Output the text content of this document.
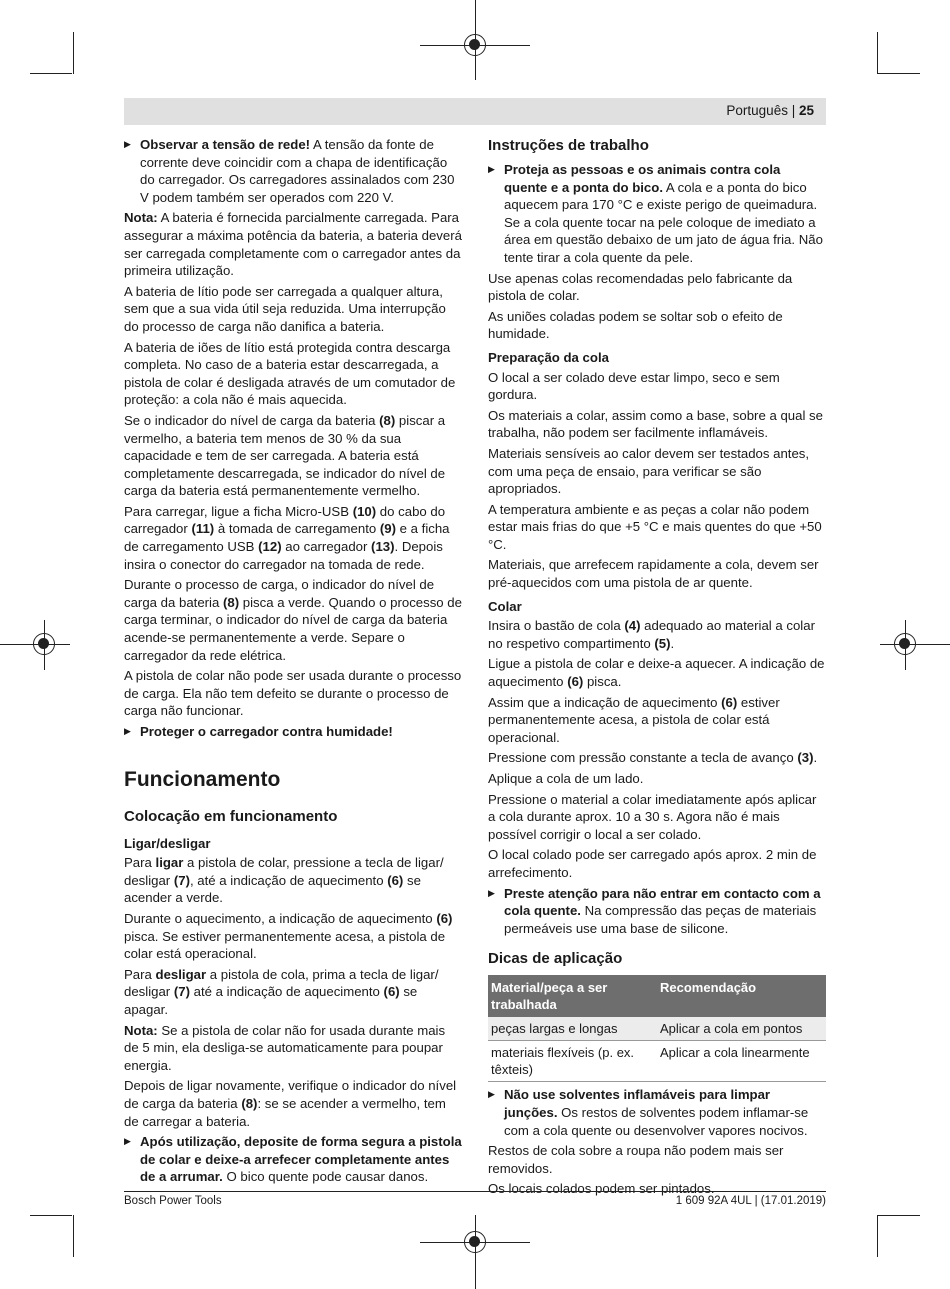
Português | 25

▶ Observar a tensão de rede! A tensão da fonte de corrente deve coincidir com a chapa de identificação do carregador. Os carregadores assinalados com 230 V podem também ser operados com 220 V.

Nota: A bateria é fornecida parcialmente carregada. Para assegurar a máxima potência da bateria, a bateria deverá ser carregada completamente com o carregador antes da primeira utilização.

A bateria de lítio pode ser carregada a qualquer altura, sem que a sua vida útil seja reduzida. Uma interrupção do processo de carga não danifica a bateria.

A bateria de iões de lítio está protegida contra descarga completa. No caso de a bateria estar descarregada, a pistola de colar é desligada através de um comutador de proteção: a cola não é mais aquecida.

Se o indicador do nível de carga da bateria (8) piscar a vermelho, a bateria tem menos de 30 % da sua capacidade e tem de ser carregada. A bateria está completamente descarregada, se indicador do nível de carga da bateria está permanentemente vermelho.

Para carregar, ligue a ficha Micro-USB (10) do cabo do carregador (11) à tomada de carregamento (9) e a ficha de carregamento USB (12) ao carregador (13). Depois insira o conector do carregador na tomada de rede.

Durante o processo de carga, o indicador do nível de carga da bateria (8) pisca a verde. Quando o processo de carga terminar, o indicador do nível de carga da bateria acende-se permanentemente a verde. Separe o carregador da rede elétrica.

A pistola de colar não pode ser usada durante o processo de carga. Ela não tem defeito se durante o processo de carga não funcionar.

▶ Proteger o carregador contra humidade!

Funcionamento
Colocação em funcionamento
Ligar/desligar

Para ligar a pistola de colar, pressione a tecla de ligar/ desligar (7), até a indicação de aquecimento (6) se acender a verde.

Durante o aquecimento, a indicação de aquecimento (6) pisca. Se estiver permanentemente acesa, a pistola de colar está operacional.

Para desligar a pistola de cola, prima a tecla de ligar/ desligar (7) até a indicação de aquecimento (6) se apagar.

Nota: Se a pistola de colar não for usada durante mais de 5 min, ela desliga-se automaticamente para poupar energia.

Depois de ligar novamente, verifique o indicador do nível de carga da bateria (8): se se acender a vermelho, tem de carregar a bateria.

▶ Após utilização, deposite de forma segura a pistola de colar e deixe-a arrefecer completamente antes de a arrumar. O bico quente pode causar danos.

Instruções de trabalho

▶ Proteja as pessoas e os animais contra cola quente e a ponta do bico. A cola e a ponta do bico aquecem para 170 °C e existe perigo de queimadura. Se a cola quente tocar na pele coloque de imediato a área em questão debaixo de um jato de água fria. Não tente tirar a cola quente da pele.

Use apenas colas recomendadas pelo fabricante da pistola de colar.

As uniões coladas podem se soltar sob o efeito de humidade.

Preparação da cola

O local a ser colado deve estar limpo, seco e sem gordura.

Os materiais a colar, assim como a base, sobre a qual se trabalha, não podem ser facilmente inflamáveis.

Materiais sensíveis ao calor devem ser testados antes, com uma peça de ensaio, para verificar se são apropriados.

A temperatura ambiente e as peças a colar não podem estar mais frias do que +5 °C e mais quentes do que +50 °C.

Materiais, que arrefecem rapidamente a cola, devem ser pré-aquecidos com uma pistola de ar quente.

Colar

Insira o bastão de cola (4) adequado ao material a colar no respetivo compartimento (5).

Ligue a pistola de colar e deixe-a aquecer. A indicação de aquecimento (6) pisca.

Assim que a indicação de aquecimento (6) estiver permanentemente acesa, a pistola de colar está operacional.

Pressione com pressão constante a tecla de avanço (3).

Aplique a cola de um lado.

Pressione o material a colar imediatamente após aplicar a cola durante aprox. 10 a 30 s. Agora não é mais possível corrigir o local a ser colado.

O local colado pode ser carregado após aprox. 2 min de arrefecimento.

▶ Preste atenção para não entrar em contacto com a cola quente. Na compressão das peças de materiais permeáveis use uma base de silicone.

Dicas de aplicação
Material/peça a ser trabalhada	Recomendação
peças largas e longas	Aplicar a cola em pontos
materiais flexíveis (p. ex. têxteis)	Aplicar a cola linearmente

▶ Não use solventes inflamáveis para limpar junções. Os restos de solventes podem inflamar-se com a cola quente ou desenvolver vapores nocivos.

Restos de cola sobre a roupa não podem mais ser removidos.

Os locais colados podem ser pintados.

Bosch Power Tools	1 609 92A 4UL | (17.01.2019)
